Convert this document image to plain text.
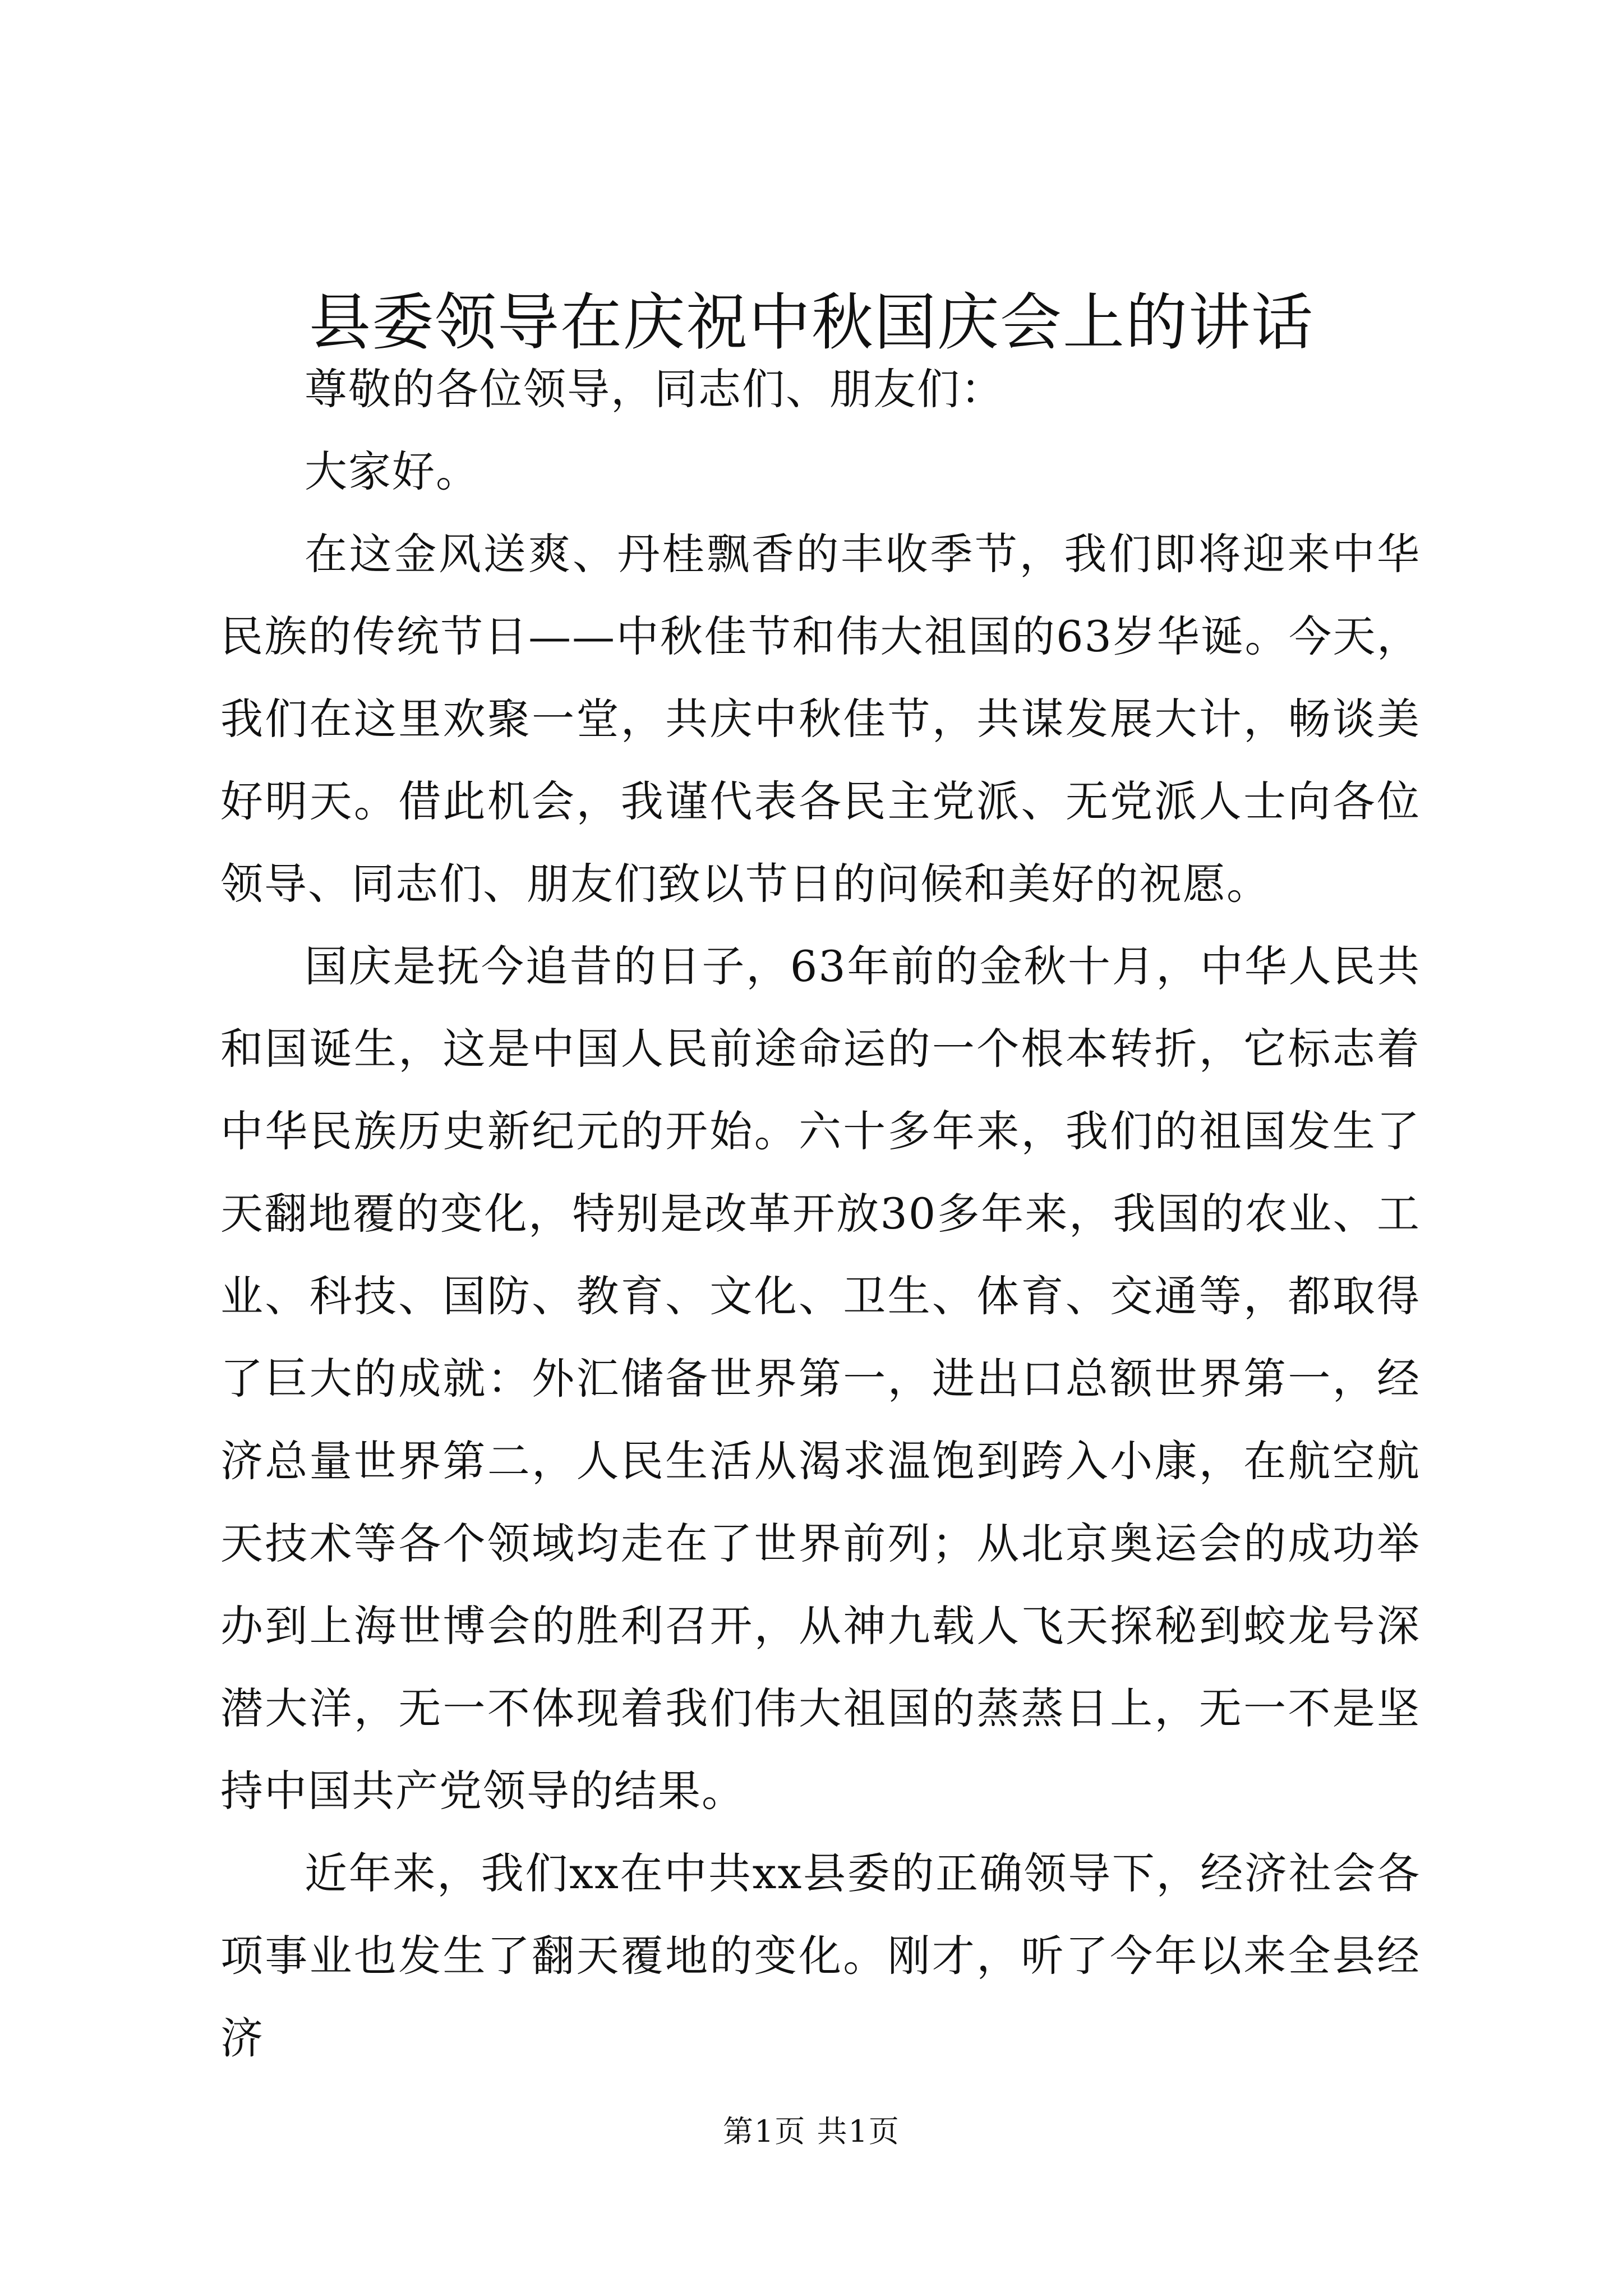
县委领导在庆祝中秋国庆会上的讲话

尊敬的各位领导，同志们、朋友们：

大家好。

在这金风送爽、丹桂飘香的丰收季节，我们即将迎来中华民族的传统节日——中秋佳节和伟大祖国的63岁华诞。今天，我们在这里欢聚一堂，共庆中秋佳节，共谋发展大计，畅谈美好明天。借此机会，我谨代表各民主党派、无党派人士向各位领导、同志们、朋友们致以节日的问候和美好的祝愿。

国庆是抚今追昔的日子，63年前的金秋十月，中华人民共和国诞生，这是中国人民前途命运的一个根本转折，它标志着中华民族历史新纪元的开始。六十多年来，我们的祖国发生了天翻地覆的变化，特别是改革开放30多年来，我国的农业、工业、科技、国防、教育、文化、卫生、体育、交通等，都取得了巨大的成就：外汇储备世界第一，进出口总额世界第一，经济总量世界第二，人民生活从渴求温饱到跨入小康，在航空航天技术等各个领域均走在了世界前列；从北京奥运会的成功举办到上海世博会的胜利召开，从神九载人飞天探秘到蛟龙号深潜大洋，无一不体现着我们伟大祖国的蒸蒸日上，无一不是坚持中国共产党领导的结果。

近年来，我们xx在中共xx县委的正确领导下，经济社会各项事业也发生了翻天覆地的变化。刚才，听了今年以来全县经济

第1页 共1页
